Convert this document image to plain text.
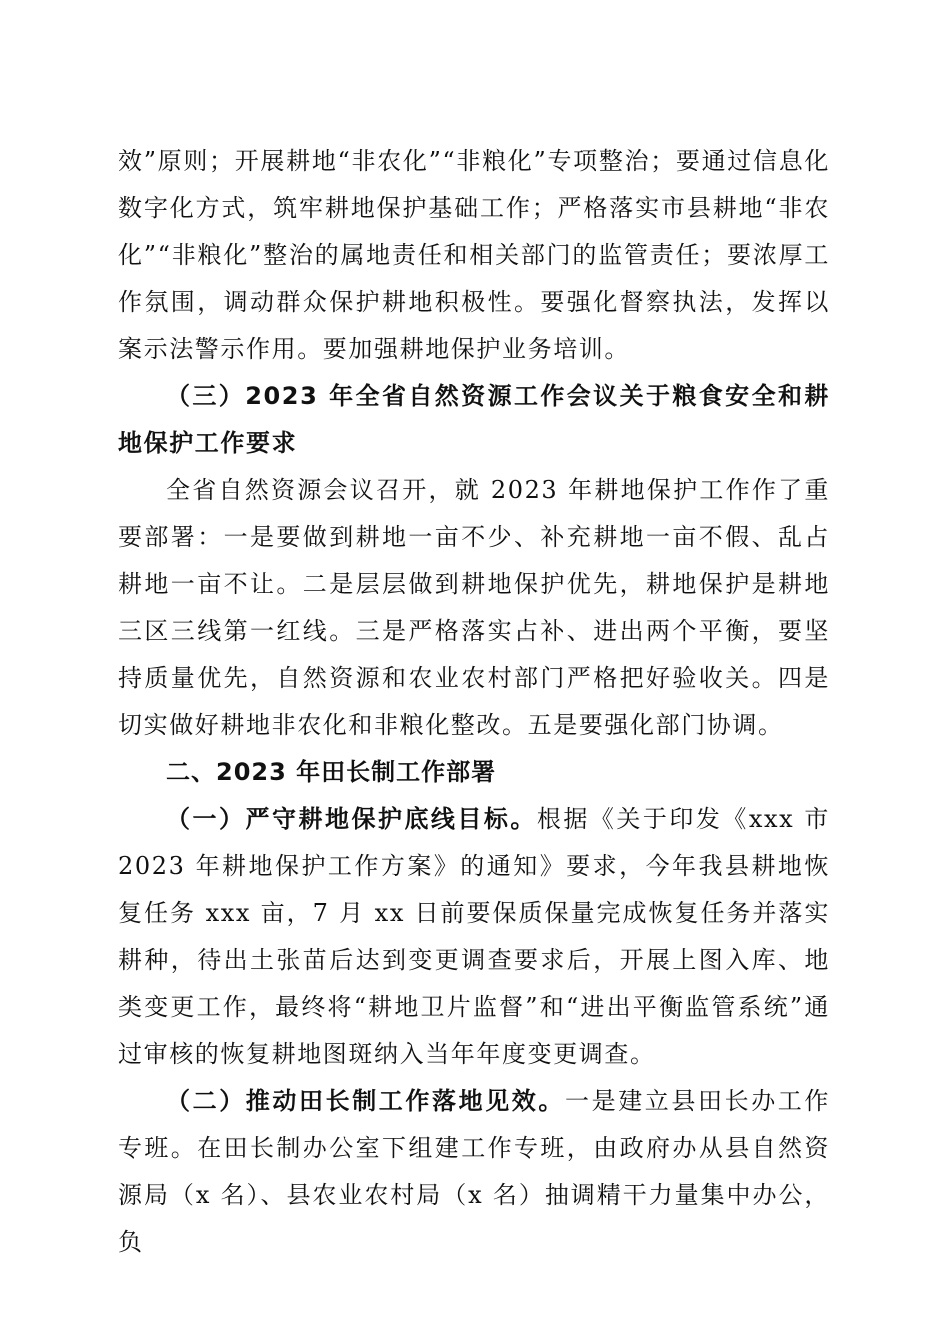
效”原则；开展耕地“非农化”“非粮化”专项整治；要通过信息化数字化方式，筑牢耕地保护基础工作；严格落实市县耕地“非农化”“非粮化”整治的属地责任和相关部门的监管责任；要浓厚工作氛围，调动群众保护耕地积极性。要强化督察执法，发挥以案示法警示作用。要加强耕地保护业务培训。

（三）2023 年全省自然资源工作会议关于粮食安全和耕地保护工作要求

全省自然资源会议召开，就 2023 年耕地保护工作作了重要部署：一是要做到耕地一亩不少、补充耕地一亩不假、乱占耕地一亩不让。二是层层做到耕地保护优先，耕地保护是耕地三区三线第一红线。三是严格落实占补、进出两个平衡，要坚持质量优先，自然资源和农业农村部门严格把好验收关。四是切实做好耕地非农化和非粮化整改。五是要强化部门协调。

二、2023 年田长制工作部署

（一）严守耕地保护底线目标。根据《关于印发《xxx 市 2023 年耕地保护工作方案》的通知》要求，今年我县耕地恢复任务 xxx 亩，7 月 xx 日前要保质保量完成恢复任务并落实耕种，待出土张苗后达到变更调查要求后，开展上图入库、地类变更工作，最终将“耕地卫片监督”和“进出平衡监管系统”通过审核的恢复耕地图斑纳入当年年度变更调查。

（二）推动田长制工作落地见效。一是建立县田长办工作专班。在田长制办公室下组建工作专班，由政府办从县自然资源局（x 名）、县农业农村局（x 名）抽调精干力量集中办公，负
